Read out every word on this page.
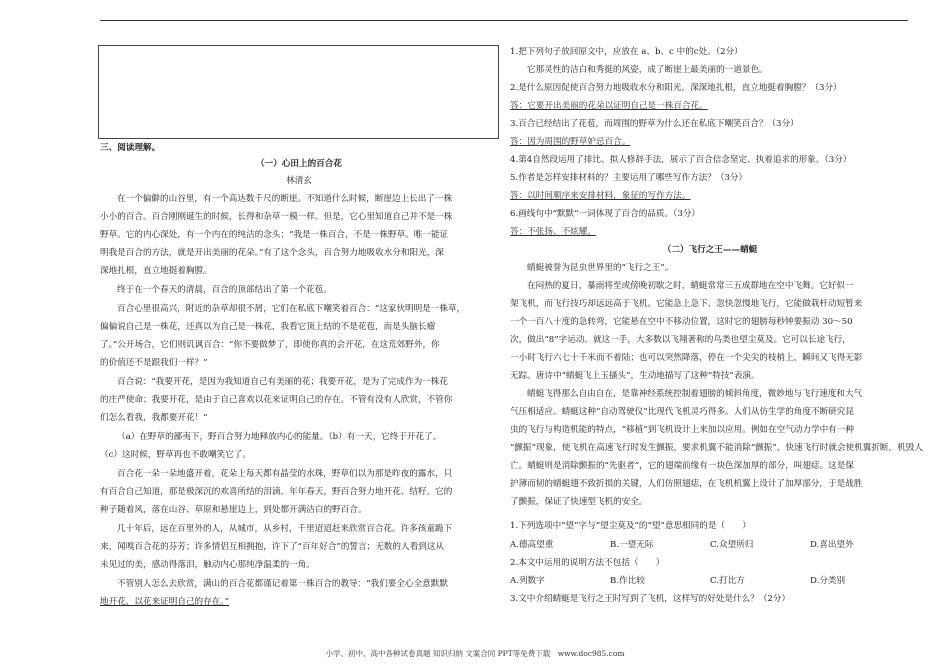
三、阅读理解。
（一）心田上的百合花
林清玄
在一个偏僻的山谷里，有一个高达数千尺的断崖。不知道什么时候，断崖边上长出了一株
小小的百合。百合刚刚诞生的时候，长得和杂草一模一样。但是，它心里知道自己并不是一株
野草。它的内心深处，有一个内在的纯洁的念头：“我是一株百合，不是一株野草。唯一能证
明我是百合的方法，就是开出美丽的花朵。”有了这个念头，百合努力地吸收水分和阳光，深
深地扎根，直立地挺着胸膛。
终于在一个春天的清晨，百合的顶部结出了第一个花苞。
百合心里很高兴，附近的杂草却很不屑，它们在私底下嘲笑着百合：“这家伙明明是一株草，
偏偏说自己是一株花，还真以为自己是一株花，我看它顶上结的不是花苞，而是头脑长瘤
了。”公开场合，它们则讥讽百合：“你不要做梦了，即使你真的会开花，在这荒郊野外，你
的价值还不是跟我们一样？”
百合说：“我要开花，是因为我知道自己有美丽的花；我要开花，是为了完成作为一株花
的庄严使命；我要开花，是由于自己喜欢以花来证明自己的存在。不管有没有人欣赏，不管你
们怎么看我，我都要开花！”
（a）在野草的鄙夷下，野百合努力地释放内心的能量。（b）有一天，它终于开花了。
（c）这时候，野草再也不敢嘲笑它了。
百合花一朵一朵地盛开着，花朵上每天都有晶莹的水珠，野草们以为那是昨夜的露水，只
有百合自己知道，那是极深沉的欢喜所结的泪滴。年年春天，野百合努力地开花、结籽。它的
种子随着风，落在山谷、草原和悬崖边上，到处都开满洁白的野百合。
几十年后，远在百里外的人，从城市，从乡村，千里迢迢赶来欣赏百合花。许多孩童跪下
来，闻嗅百合花的芬芳；许多情侣互相拥抱，许下了“百年好合”的誓言；无数的人看到这从
未见过的美，感动得落泪，触动内心那纯净温柔的一角。
不管别人怎么去欣赏，满山的百合花都谨记着第一株百合的教导：“我们要全心全意默默
地开花，以花来证明自己的存在。”
1.把下列句子放回原文中，应放在 a、b、c 中的c处。（2分）
它那灵性的洁白和秀挺的风姿，成了断崖上最美丽的一道景色。
2.是什么原因促使百合努力地吸收水分和阳光，深深地扎根，直立地挺着胸膛？（3分）
答：它要开出美丽的花朵以证明自己是一株百合花。
3.百合已经结出了花苞，而周围的野草为什么还在私底下嘲笑百合？（3分）
答：因为周围的野草妒忌百合。
4.第4自然段运用了排比、拟人修辞手法，展示了百合信念坚定、执着追求的形象。（3分）
5.作者是怎样安排材料的？主要运用了哪些写作方法？（3分）
答：以时间顺序来安排材料，象征的写作方法。
6.画线句中“默默”一词体现了百合的品质。（3分）
答：不张扬、不炫耀。
（二）飞行之王——蜻蜓
蜻蜓被誉为昆虫世界里的“飞行之王”。
在闷热的夏日，暴雨将至或傍晚初歇之时，蜻蜓常常三五成群地在空中飞舞。它好似一
架飞机，而飞行技巧却远远高于飞机。它能急上急下、忽快忽慢地飞行，它能做栽杆动短暂来
一个一百八十度的急转弯，它能悬在空中不移动位置，这时它的翅膀每秒钟要振动 30～50
次，做出“8”字运动。就这一手，大多数以飞翔著称的鸟类也望尘莫及。它可以长途飞行，
一小时飞行六七十千米而不着陆；也可以突然降落，停在一个尖尖的枝梢上，瞬间又飞得无影
无踪。唐诗中“蜻蜓飞上玉搔头”，生动地描写了这种“特技”表演。
蜻蜓飞得那么自由自在，是靠神经系统控制着翅膀的倾斜角度，微妙地与飞行速度和大气
气压相适应。蜻蜓这种“自动驾驶仪”比现代飞机灵巧得多。人们从仿生学的角度不断研究昆
虫的飞行与构造机能的特点，“移植”到飞机设计上来加以应用。例如在空气动力学中有一种
“颤振”现象，使飞机在高速飞行时发生颤振，要求机翼不能消除“颤振”，快速飞行时就会使机翼折断，机毁人
亡。蜻蜓则是消除颤振的“先驱者”，它的翅端前缘有一块色深加厚的部分，叫翅痣。这是保
护薄而韧的蜻蜓翅不致折损的关键，人们仿照翅痣，在飞机机翼上设计了加厚部分，于是战胜
了颤振，保证了快速型飞机的安全。
1.下列选项中“望”字与“望尘莫及”的“望”意思相同的是（　　）
A.德高望重	B.一望无际	C.众望所归	D.喜出望外
2.本文中运用的说明方法不包括（　　）
A.列数字	B.作比较	C.打比方	D.分类别
3.文中介绍蜻蜓是飞行之王时写到了飞机，这样写的好处是什么？（2分）
小学、初中、高中各种试卷真题 知识归纳 文案合同 PPT等免费下载　www.doc985.com
